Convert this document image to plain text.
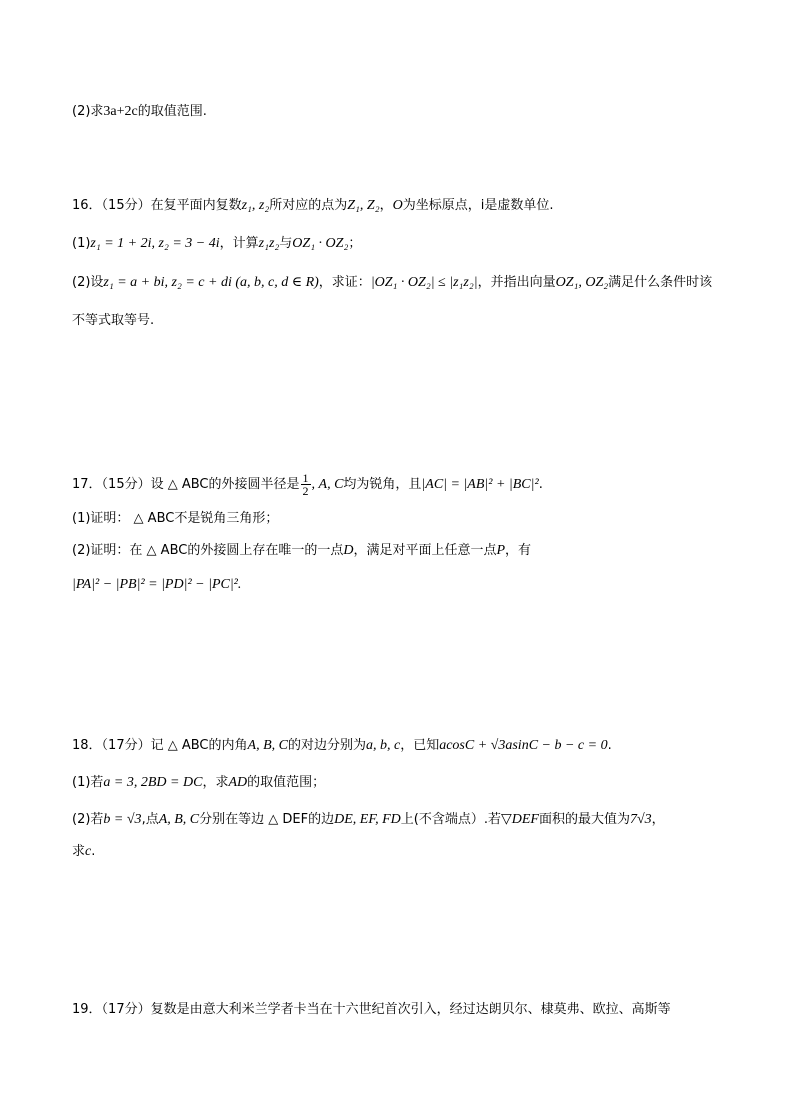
(2)求3a+2c的取值范围.
16．（15分）在复平面内复数z₁, z₂所对应的点为Z₁, Z₂，O为坐标原点，i是虚数单位.
(1)z₁ = 1 + 2i, z₂ = 3 − 4i，计算z₁z₂与OZ₁ · OZ₂；
(2)设z₁ = a + bi, z₂ = c + di (a, b, c, d ∈ R)，求证：|OZ₁ · OZ₂| ≤ |z₁z₂|，并指出向量OZ₁, OZ₂满足什么条件时该
不等式取等号.
17．（15分）设 △ ABC的外接圆半径是 $\frac{1}{2}$ , A, C均为锐角，且|AC| = |AB|² + |BC|².
(1)证明： △ ABC不是锐角三角形；
(2)证明：在 △ ABC的外接圆上存在唯一的一点D，满足对平面上任意一点P，有
|PA|² − |PB|² = |PD|² − |PC|².
18．（17分）记 △ ABC的内角A, B, C的对边分别为a, b, c，已知acosC + √3asinC − b − c = 0.
(1)若a = 3, 2BD = DC，求AD的取值范围；
(2)若b = √3,点A, B, C分别在等边 △ DEF的边DE, EF, FD上(不含端点）.若▽DEF面积的最大值为7√3，
求c.
19．（17分）复数是由意大利米兰学者卡当在十六世纪首次引入，经过达朗贝尔、棣莫弗、欧拉、高斯等
